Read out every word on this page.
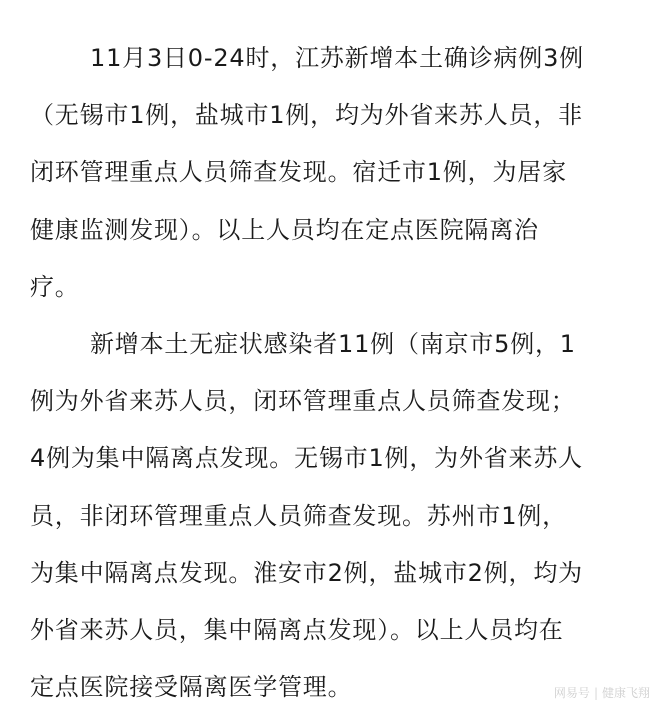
11月3日0-24时，江苏新增本土确诊病例3例
（无锡市1例，盐城市1例，均为外省来苏人员，非
闭环管理重点人员筛查发现。宿迁市1例，为居家
健康监测发现）。以上人员均在定点医院隔离治
疗。
新增本土无症状感染者11例（南京市5例，1
例为外省来苏人员，闭环管理重点人员筛查发现；
4例为集中隔离点发现。无锡市1例，为外省来苏人
员，非闭环管理重点人员筛查发现。苏州市1例，
为集中隔离点发现。淮安市2例，盐城市2例，均为
外省来苏人员，集中隔离点发现）。以上人员均在
定点医院接受隔离医学管理。	网易号 | 健康飞翔
